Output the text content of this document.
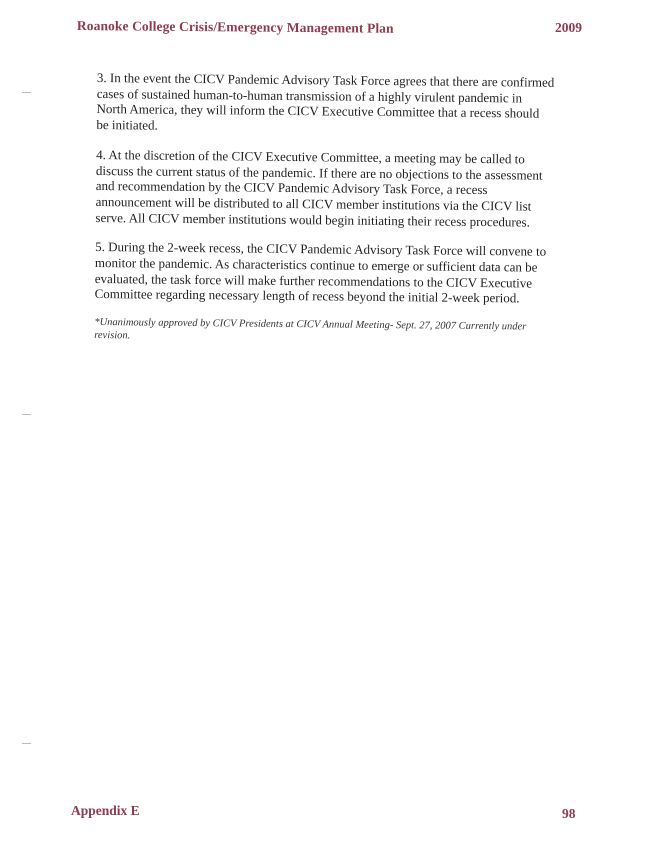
Roanoke College Crisis/Emergency Management Plan	2009

3. In the event the CICV Pandemic Advisory Task Force agrees that there are confirmed cases of sustained human-to-human transmission of a highly virulent pandemic in North America, they will inform the CICV Executive Committee that a recess should be initiated.

4. At the discretion of the CICV Executive Committee, a meeting may be called to discuss the current status of the pandemic. If there are no objections to the assessment and recommendation by the CICV Pandemic Advisory Task Force, a recess announcement will be distributed to all CICV member institutions via the CICV list serve. All CICV member institutions would begin initiating their recess procedures.

5. During the 2-week recess, the CICV Pandemic Advisory Task Force will convene to monitor the pandemic. As characteristics continue to emerge or sufficient data can be evaluated, the task force will make further recommendations to the CICV Executive Committee regarding necessary length of recess beyond the initial 2-week period.

*Unanimously approved by CICV Presidents at CICV Annual Meeting- Sept. 27, 2007 Currently under revision.

Appendix E	98
